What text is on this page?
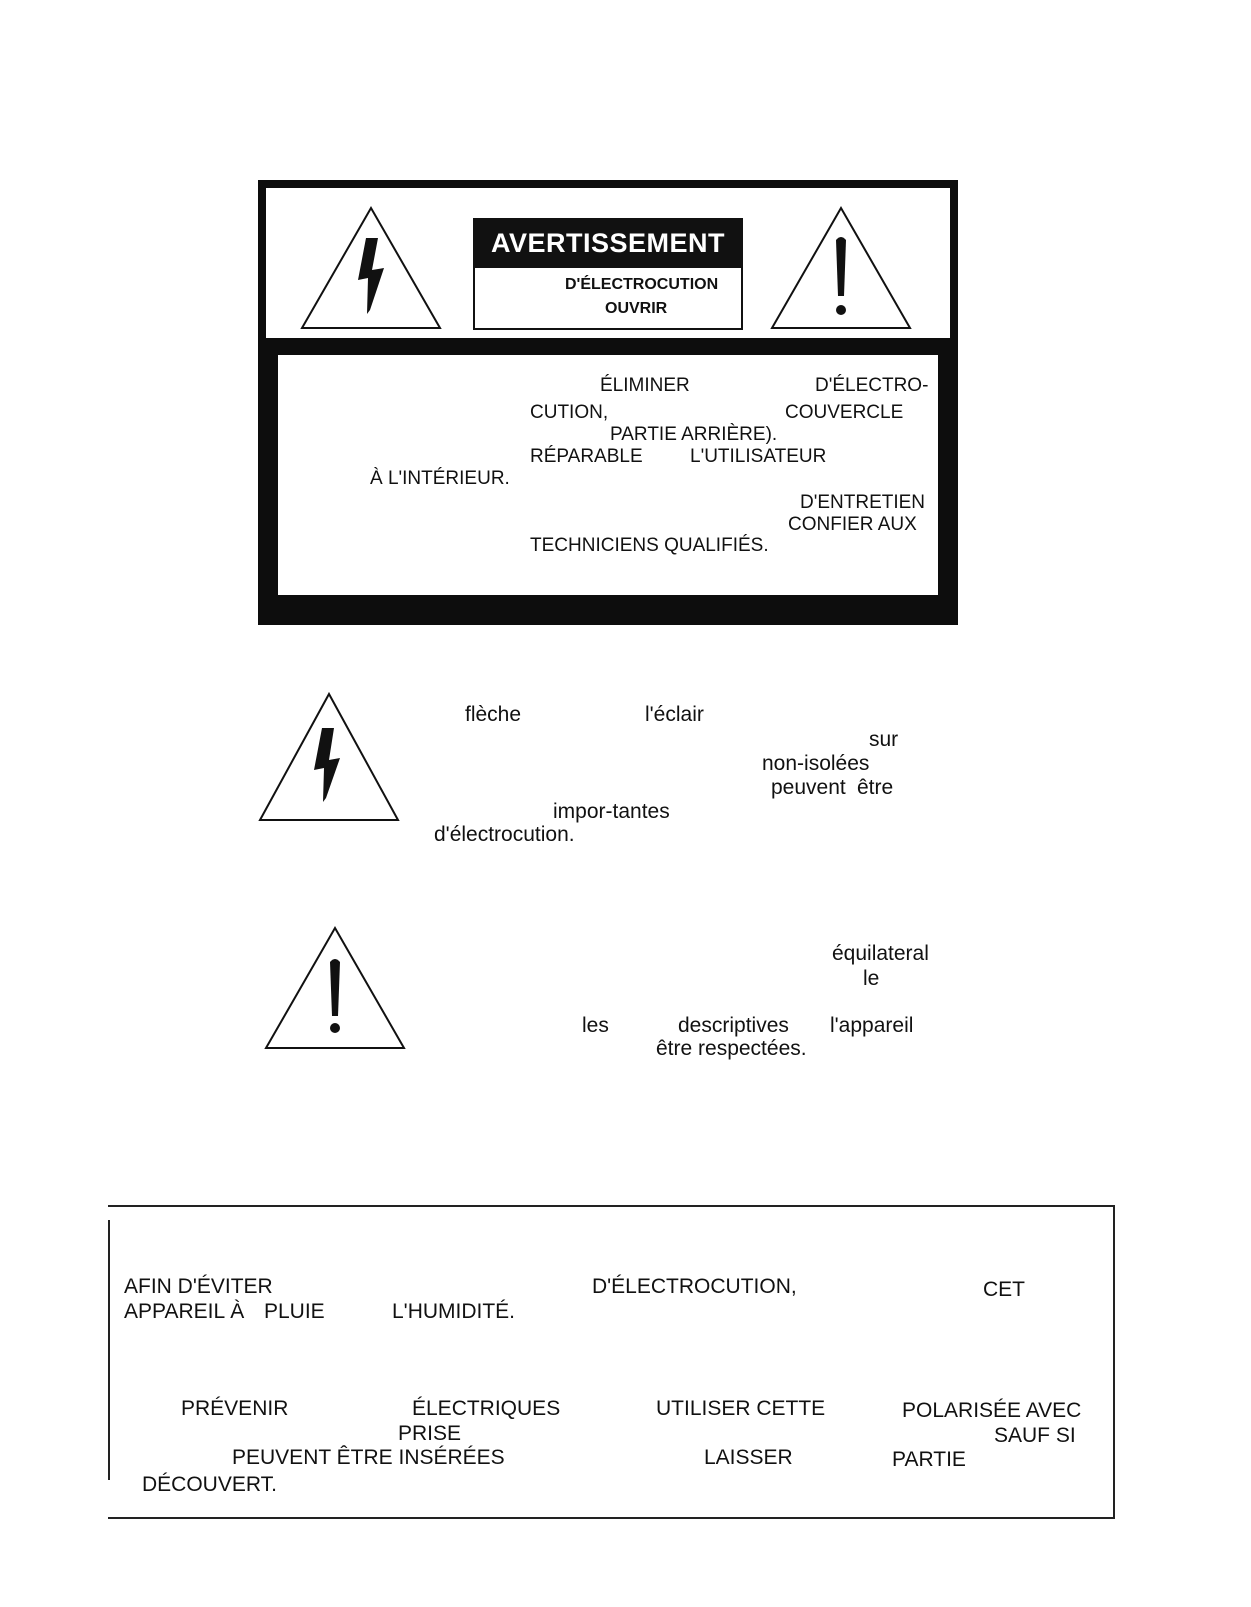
AVERTISSEMENT
D'ÉLECTROCUTION
OUVRIR
ÉLIMINER	D'ÉLECTRO-
CUTION,	COUVERCLE
PARTIE ARRIÈRE).
RÉPARABLE L'UTILISATEUR
À L'INTÉRIEUR.
D'ENTRETIEN
CONFIER AUX
TECHNICIENS QUALIFIÉS.
flèche	l'éclair
sur
non-isolées
peuvent être
impor-tantes
d'électrocution.
équilateral
le
les	descriptives l'appareil
être respectées.
AFIN D'ÉVITER	D'ÉLECTROCUTION,	CET
APPAREIL À PLUIE	L'HUMIDITÉ.
PRÉVENIR	ÉLECTRIQUES	UTILISER CETTE	POLARISÉE AVEC
PRISE	SAUF SI
PEUVENT ÊTRE INSÉRÉES	LAISSER	PARTIE
DÉCOUVERT.
